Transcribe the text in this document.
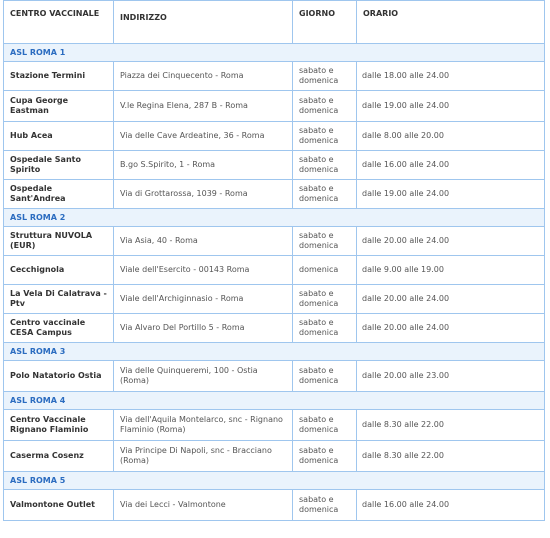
CENTRO VACCINALE	INDIRIZZO	GIORNO	ORARIO
ASL ROMA 1			
Stazione Termini	Piazza dei Cinquecento - Roma	sabato e domenica	dalle 18.00 alle 24.00
Cupa George Eastman	V.le Regina Elena, 287 B - Roma	sabato e domenica	dalle 19.00 alle 24.00
Hub Acea	Via delle Cave Ardeatine, 36 - Roma	sabato e domenica	dalle 8.00 alle 20.00
Ospedale Santo Spirito	B.go S.Spirito, 1 - Roma	sabato e domenica	dalle 16.00 alle 24.00
Ospedale Sant'Andrea	Via di Grottarossa, 1039 - Roma	sabato e domenica	dalle 19.00 alle 24.00
ASL ROMA 2			
Struttura NUVOLA (EUR)	Via Asia, 40 - Roma	sabato e domenica	dalle 20.00 alle 24.00
Cecchignola	Viale dell'Esercito - 00143 Roma	domenica	dalle 9.00 alle 19.00
La Vela Di Calatrava - Ptv	Viale dell'Archiginnasio - Roma	sabato e domenica	dalle 20.00 alle 24.00
Centro vaccinale CESA Campus	Via Alvaro Del Portillo 5 - Roma	sabato e domenica	dalle 20.00 alle 24.00
ASL ROMA 3			
Polo Natatorio Ostia	Via delle Quinqueremi, 100 - Ostia (Roma)	sabato e domenica	dalle 20.00 alle 23.00
ASL ROMA 4			
Centro Vaccinale Rignano Flaminio	Via dell'Aquila Montelarco, snc - Rignano Flaminio (Roma)	sabato e domenica	dalle 8.30 alle 22.00
Caserma Cosenz	Via Principe Di Napoli, snc - Bracciano (Roma)	sabato e domenica	dalle 8.30 alle 22.00
ASL ROMA 5			
Valmontone Outlet	Via dei Lecci - Valmontone	sabato e domenica	dalle 16.00 alle 24.00
